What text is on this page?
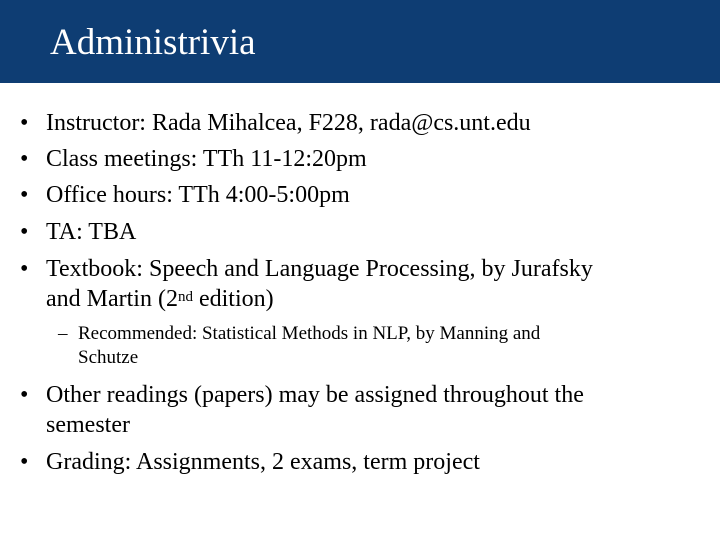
Administrivia
• Instructor: Rada Mihalcea, F228, rada@cs.unt.edu
• Class meetings: TTh 11-12:20pm
• Office hours: TTh 4:00-5:00pm
• TA: TBA
• Textbook: Speech and Language Processing, by Jurafsky
and Martin (2nd edition)
– Recommended: Statistical Methods in NLP, by Manning and
Schutze
• Other readings (papers) may be assigned throughout the
semester
• Grading: Assignments, 2 exams, term project
